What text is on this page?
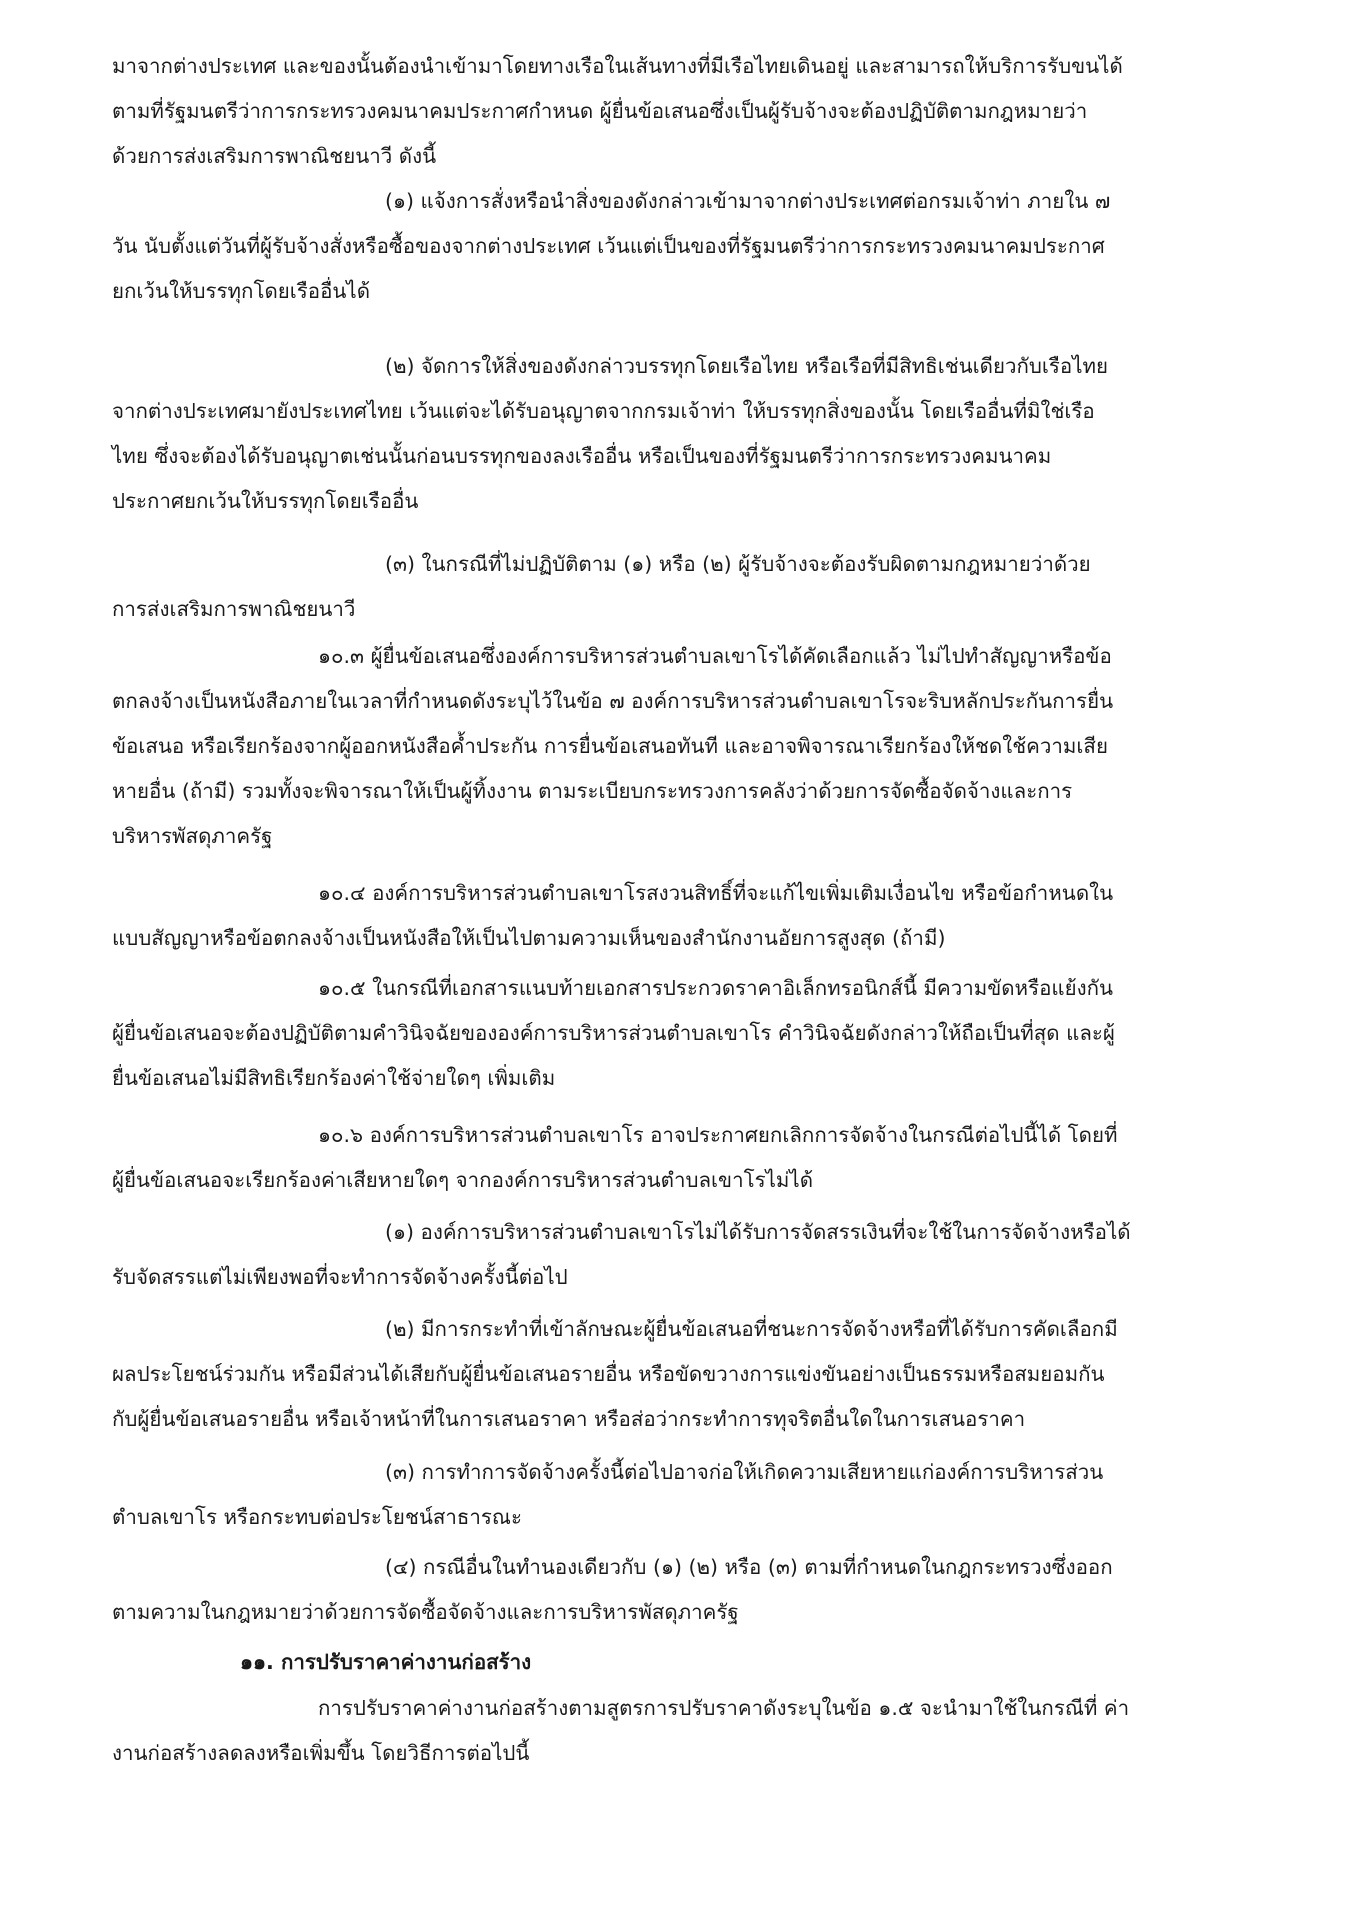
มาจากต่างประเทศ และของนั้นต้องนำเข้ามาโดยทางเรือในเส้นทางที่มีเรือไทยเดินอยู่ และสามารถให้บริการรับขนได้

ตามที่รัฐมนตรีว่าการกระทรวงคมนาคมประกาศกำหนด ผู้ยื่นข้อเสนอซึ่งเป็นผู้รับจ้างจะต้องปฏิบัติตามกฎหมายว่า

ด้วยการส่งเสริมการพาณิชยนาวี ดังนี้

(๑) แจ้งการสั่งหรือนำสิ่งของดังกล่าวเข้ามาจากต่างประเทศต่อกรมเจ้าท่า ภายใน ๗

วัน นับตั้งแต่วันที่ผู้รับจ้างสั่งหรือซื้อของจากต่างประเทศ เว้นแต่เป็นของที่รัฐมนตรีว่าการกระทรวงคมนาคมประกาศ

ยกเว้นให้บรรทุกโดยเรืออื่นได้

(๒) จัดการให้สิ่งของดังกล่าวบรรทุกโดยเรือไทย หรือเรือที่มีสิทธิเช่นเดียวกับเรือไทย

จากต่างประเทศมายังประเทศไทย เว้นแต่จะได้รับอนุญาตจากกรมเจ้าท่า ให้บรรทุกสิ่งของนั้น โดยเรืออื่นที่มิใช่เรือ

ไทย ซึ่งจะต้องได้รับอนุญาตเช่นนั้นก่อนบรรทุกของลงเรืออื่น หรือเป็นของที่รัฐมนตรีว่าการกระทรวงคมนาคม

ประกาศยกเว้นให้บรรทุกโดยเรืออื่น

(๓) ในกรณีที่ไม่ปฏิบัติตาม (๑) หรือ (๒) ผู้รับจ้างจะต้องรับผิดตามกฎหมายว่าด้วย

การส่งเสริมการพาณิชยนาวี

๑๐.๓ ผู้ยื่นข้อเสนอซึ่งองค์การบริหารส่วนตำบลเขาโรได้คัดเลือกแล้ว ไม่ไปทำสัญญาหรือข้อ

ตกลงจ้างเป็นหนังสือภายในเวลาที่กำหนดดังระบุไว้ในข้อ ๗ องค์การบริหารส่วนตำบลเขาโรจะริบหลักประกันการยื่น

ข้อเสนอ หรือเรียกร้องจากผู้ออกหนังสือค้ำประกัน การยื่นข้อเสนอทันที และอาจพิจารณาเรียกร้องให้ชดใช้ความเสีย

หายอื่น (ถ้ามี) รวมทั้งจะพิจารณาให้เป็นผู้ทิ้งงาน ตามระเบียบกระทรวงการคลังว่าด้วยการจัดซื้อจัดจ้างและการ

บริหารพัสดุภาครัฐ

๑๐.๔ องค์การบริหารส่วนตำบลเขาโรสงวนสิทธิ์ที่จะแก้ไขเพิ่มเติมเงื่อนไข หรือข้อกำหนดใน

แบบสัญญาหรือข้อตกลงจ้างเป็นหนังสือให้เป็นไปตามความเห็นของสำนักงานอัยการสูงสุด (ถ้ามี)

๑๐.๕ ในกรณีที่เอกสารแนบท้ายเอกสารประกวดราคาอิเล็กทรอนิกส์นี้ มีความขัดหรือแย้งกัน

ผู้ยื่นข้อเสนอจะต้องปฏิบัติตามคำวินิจฉัยขององค์การบริหารส่วนตำบลเขาโร คำวินิจฉัยดังกล่าวให้ถือเป็นที่สุด และผู้

ยื่นข้อเสนอไม่มีสิทธิเรียกร้องค่าใช้จ่ายใดๆ เพิ่มเติม

๑๐.๖ องค์การบริหารส่วนตำบลเขาโร อาจประกาศยกเลิกการจัดจ้างในกรณีต่อไปนี้ได้ โดยที่

ผู้ยื่นข้อเสนอจะเรียกร้องค่าเสียหายใดๆ จากองค์การบริหารส่วนตำบลเขาโรไม่ได้

(๑) องค์การบริหารส่วนตำบลเขาโรไม่ได้รับการจัดสรรเงินที่จะใช้ในการจัดจ้างหรือได้

รับจัดสรรแต่ไม่เพียงพอที่จะทำการจัดจ้างครั้งนี้ต่อไป

(๒) มีการกระทำที่เข้าลักษณะผู้ยื่นข้อเสนอที่ชนะการจัดจ้างหรือที่ได้รับการคัดเลือกมี

ผลประโยชน์ร่วมกัน หรือมีส่วนได้เสียกับผู้ยื่นข้อเสนอรายอื่น หรือขัดขวางการแข่งขันอย่างเป็นธรรมหรือสมยอมกัน

กับผู้ยื่นข้อเสนอรายอื่น หรือเจ้าหน้าที่ในการเสนอราคา หรือส่อว่ากระทำการทุจริตอื่นใดในการเสนอราคา

(๓) การทำการจัดจ้างครั้งนี้ต่อไปอาจก่อให้เกิดความเสียหายแก่องค์การบริหารส่วน

ตำบลเขาโร หรือกระทบต่อประโยชน์สาธารณะ

(๔) กรณีอื่นในทำนองเดียวกับ (๑) (๒) หรือ (๓) ตามที่กำหนดในกฎกระทรวงซึ่งออก

ตามความในกฎหมายว่าด้วยการจัดซื้อจัดจ้างและการบริหารพัสดุภาครัฐ

๑๑. การปรับราคาค่างานก่อสร้าง

การปรับราคาค่างานก่อสร้างตามสูตรการปรับราคาดังระบุในข้อ ๑.๕ จะนำมาใช้ในกรณีที่ ค่า

งานก่อสร้างลดลงหรือเพิ่มขึ้น โดยวิธีการต่อไปนี้
